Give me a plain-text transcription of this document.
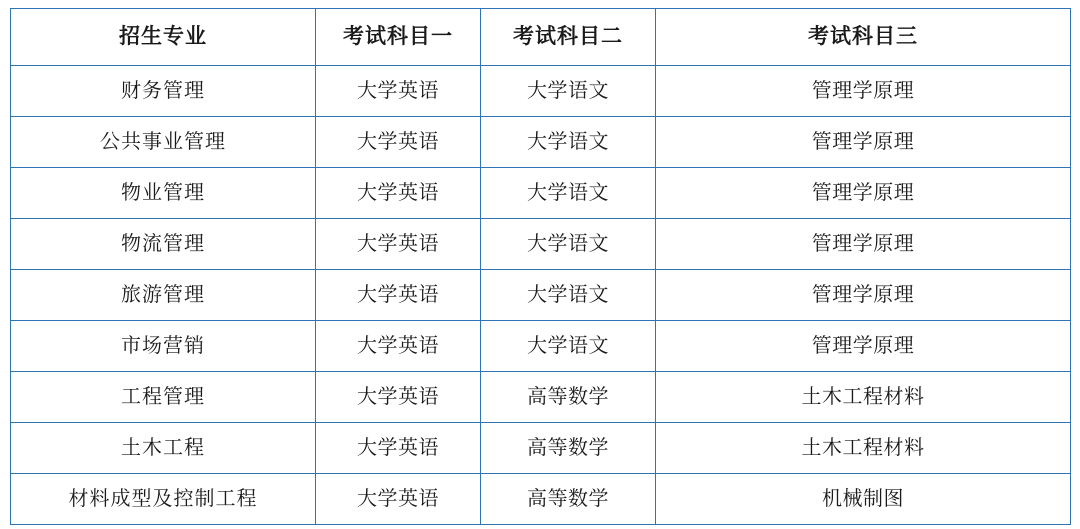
招生专业	考试科目一	考试科目二	考试科目三
财务管理	大学英语	大学语文	管理学原理
公共事业管理	大学英语	大学语文	管理学原理
物业管理	大学英语	大学语文	管理学原理
物流管理	大学英语	大学语文	管理学原理
旅游管理	大学英语	大学语文	管理学原理
市场营销	大学英语	大学语文	管理学原理
工程管理	大学英语	高等数学	土木工程材料
土木工程	大学英语	高等数学	土木工程材料
材料成型及控制工程	大学英语	高等数学	机械制图
